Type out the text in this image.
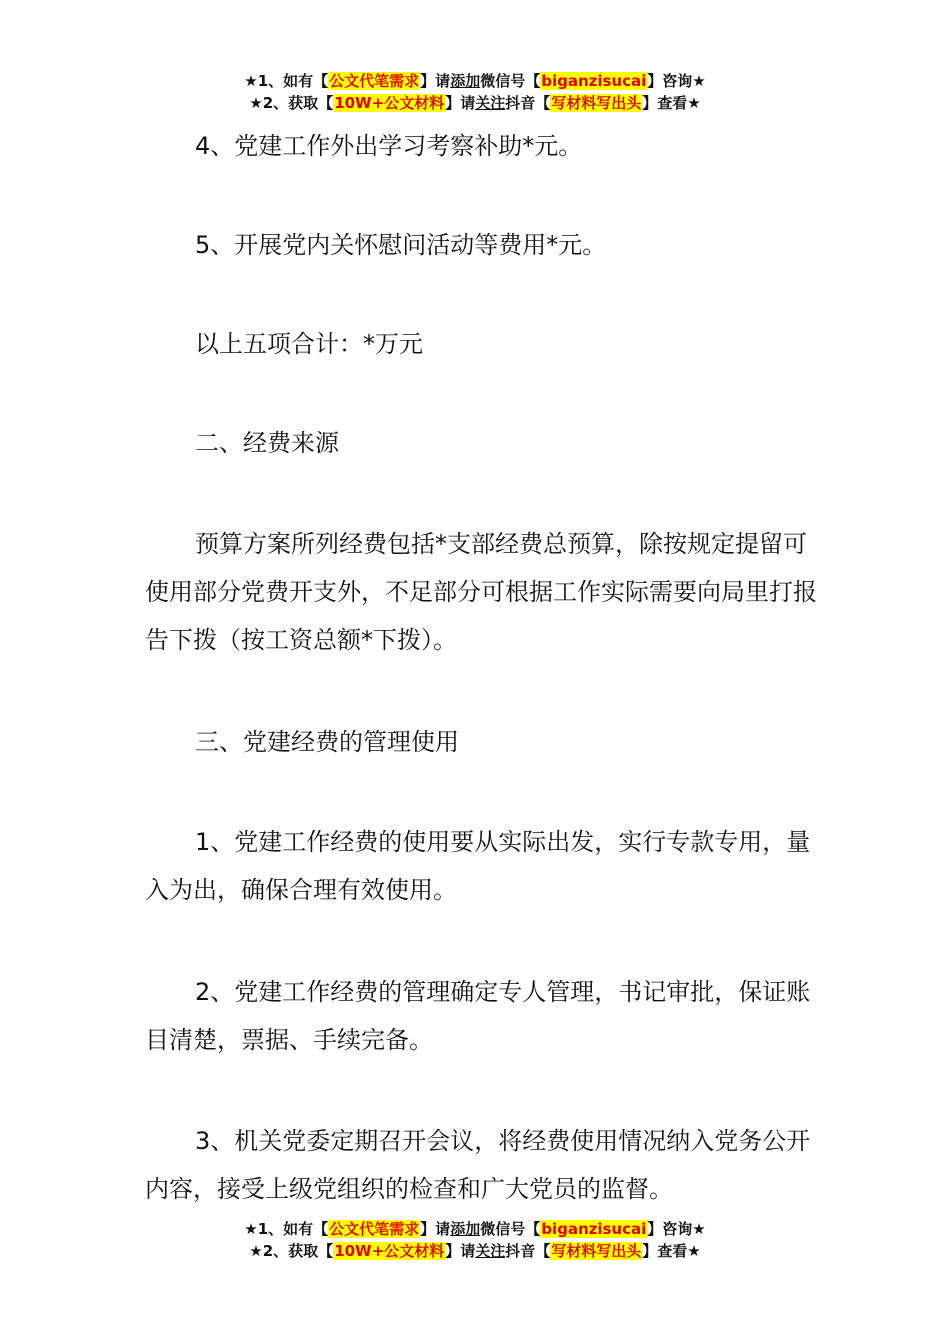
★1、如有【公文代笔需求】请添加微信号【biganzisucai】咨询★
★2、获取【10W+公文材料】请关注抖音【写材料写出头】查看★

4、党建工作外出学习考察补助*元。

5、开展党内关怀慰问活动等费用*元。

以上五项合计：*万元

二、经费来源

预算方案所列经费包括*支部经费总预算，除按规定提留可使用部分党费开支外，不足部分可根据工作实际需要向局里打报告下拨（按工资总额*下拨）。

三、党建经费的管理使用

1、党建工作经费的使用要从实际出发，实行专款专用，量入为出，确保合理有效使用。

2、党建工作经费的管理确定专人管理，书记审批，保证账目清楚，票据、手续完备。

3、机关党委定期召开会议，将经费使用情况纳入党务公开内容，接受上级党组织的检查和广大党员的监督。

★1、如有【公文代笔需求】请添加微信号【biganzisucai】咨询★
★2、获取【10W+公文材料】请关注抖音【写材料写出头】查看★
